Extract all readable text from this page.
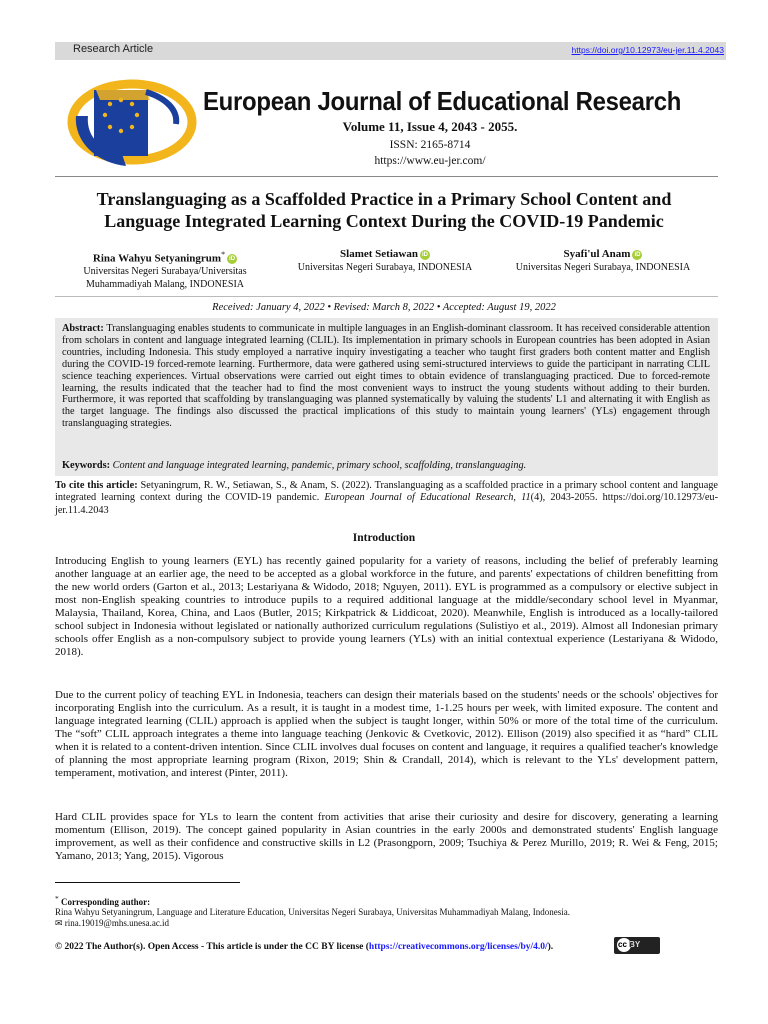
Research Article	https://doi.org/10.12973/eu-jer.11.4.2043
European Journal of Educational Research
Volume 11, Issue 4, 2043 - 2055.
ISSN: 2165-8714
https://www.eu-jer.com/
Translanguaging as a Scaffolded Practice in a Primary School Content and
Language Integrated Learning Context During the COVID-19 Pandemic
Rina Wahyu Setyaningrum*iD
Universitas Negeri Surabaya/Universitas
Muhammadiyah Malang, INDONESIA
Slamet Setiawan iD
Universitas Negeri Surabaya, INDONESIA
Syafi'ul Anam iD
Universitas Negeri Surabaya, INDONESIA
Received: January 4, 2022 • Revised: March 8, 2022 • Accepted: August 19, 2022
Abstract: Translanguaging enables students to communicate in multiple languages in an English-dominant classroom. It has received considerable attention from scholars in content and language integrated learning (CLIL). Its implementation in primary schools in European countries has been adopted in Asian countries, including Indonesia. This study employed a narrative inquiry investigating a teacher who taught first graders both content matter and English during the COVID-19 forced-remote learning. Furthermore, data were gathered using semi-structured interviews to guide the participant in narrating CLIL science teaching experiences. Virtual observations were carried out eight times to obtain evidence of translanguaging practiced. Due to forced-remote learning, the results indicated that the teacher had to find the most convenient ways to instruct the young students without adding to their burden. Furthermore, it was reported that scaffolding by translanguaging was planned systematically by valuing the students' L1 and alternating it with English as the target language. The findings also discussed the practical implications of this study to maintain young learners' (YLs) engagement through translanguaging strategies.
Keywords: Content and language integrated learning, pandemic, primary school, scaffolding, translanguaging.
To cite this article: Setyaningrum, R. W., Setiawan, S., & Anam, S. (2022). Translanguaging as a scaffolded practice in a primary school content and language integrated learning context during the COVID-19 pandemic. European Journal of Educational Research, 11(4), 2043-2055. https://doi.org/10.12973/eu-jer.11.4.2043
Introduction
Introducing English to young learners (EYL) has recently gained popularity for a variety of reasons, including the belief of preferably learning another language at an earlier age, the need to be accepted as a global workforce in the future, and parents' expectations of children benefitting from the new world orders (Garton et al., 2013; Lestariyana & Widodo, 2018; Nguyen, 2011). EYL is programmed as a compulsory or elective subject in most non-English speaking countries to introduce pupils to a required additional language at the middle/secondary school level in Myanmar, Malaysia, Thailand, Korea, China, and Laos (Butler, 2015; Kirkpatrick & Liddicoat, 2020). Meanwhile, English is introduced as a locally-tailored school subject in Indonesia without legislated or nationally authorized curriculum regulations (Sulistiyo et al., 2019). Almost all Indonesian primary schools offer English as a non-compulsory subject to provide young learners (YLs) with an initial contextual experience (Lestariyana & Widodo, 2018).
Due to the current policy of teaching EYL in Indonesia, teachers can design their materials based on the students' needs or the schools' objectives for incorporating English into the curriculum. As a result, it is taught in a modest time, 1-1.25 hours per week, with limited exposure. The content and language integrated learning (CLIL) approach is applied when the subject is taught longer, within 50% or more of the total time of the curriculum. The “soft” CLIL approach integrates a theme into language teaching (Jenkovic & Cvetkovic, 2012). Ellison (2019) also specified it as “hard” CLIL when it is related to a content-driven intention. Since CLIL involves dual focuses on content and language, it requires a qualified teacher's knowledge of planning the most appropriate learning program (Rixon, 2019; Shin & Crandall, 2014), which is relevant to the YLs' development pattern, temperament, motivation, and interest (Pinter, 2011).
Hard CLIL provides space for YLs to learn the content from activities that arise their curiosity and desire for discovery, generating a learning momentum (Ellison, 2019). The concept gained popularity in Asian countries in the early 2000s and demonstrated students' English language improvement, as well as their confidence and constructive skills in L2 (Prasongporn, 2009; Tsuchiya & Perez Murillo, 2019; R. Wei & Feng, 2015; Yamano, 2013; Yang, 2015). Vigorous
* Corresponding author:
Rina Wahyu Setyaningrum, Language and Literature Education, Universitas Negeri Surabaya, Universitas Muhammadiyah Malang, Indonesia.
✉ rina.19019@mhs.unesa.ac.id
© 2022 The Author(s). Open Access - This article is under the CC BY license (https://creativecommons.org/licenses/by/4.0/).	cc BY
